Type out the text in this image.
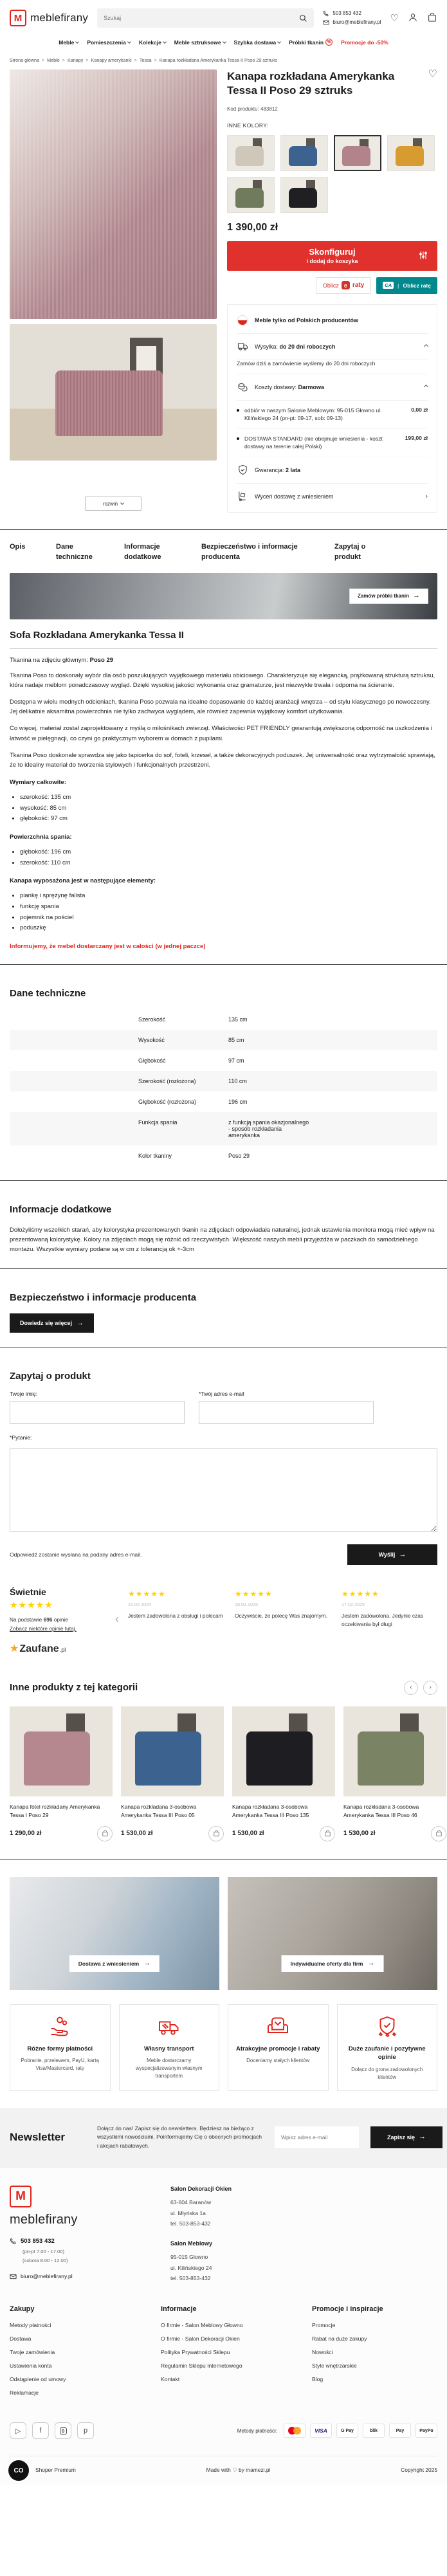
M meblefirany
Szukaj	503 853 432
biuro@meblefirany.pl ♡
Meble Pomieszczenia Kolekcje Meble sztruksowe Szybka dostawa Próbki tkanin % Promocje do -50%
Strona główna > Meble > Kanapy > Kanapy amerykanki > Tessa > Kanapa rozkładana Amerykanka Tessa II Poso 29 sztruks
rozwiń
Kanapa rozkładana Amerykanka Tessa II Poso 29 sztruks
♡
Kod produktu: 483812
INNE KOLORY:
1 390,00 zł
Skonfiguruj
i dodaj do koszyka
Oblicz e raty	CA	| Oblicz ratę
Meble tylko od Polskich producentów
Wysyłka: do 20 dni roboczych
Zamów dziś a zamówienie wyślemy do 20 dni roboczych
Koszty dostawy: Darmowa
odbiór w naszym Salonie Meblowym: 95-015 Głowno ul. Kilińskiego 24 (pn-pt: 09-17, sob: 09-13)
0,00 zł
DOSTAWA STANDARD (nie obejmuje wniesienia - koszt dostawy na terenie całej Polski)
199,00 zł
Gwarancja: 2 lata
Wyceń dostawę z wniesieniem	›
Opis	Dane techniczne
Informacje dodatkowe
Bezpieczeństwo i informacje producenta
Zapytaj o produkt
Zamów próbki tkanin →
Sofa Rozkładana Amerykanka Tessa II
Tkanina na zdjęciu głównym: Poso 29

Tkanina Poso to doskonały wybór dla osób poszukujących wyjątkowego materiału obiciowego. Charakteryzuje się elegancką, prążkowaną strukturą sztruksu, która nadaje meblom ponadczasowy wygląd. Dzięki wysokiej jakości wykonania oraz gramaturze, jest niezwykle trwała i odporna na ścieranie.

Dostępna w wielu modnych odcieniach, tkanina Poso pozwala na idealne dopasowanie do każdej aranżacji wnętrza – od stylu klasycznego po nowoczesny. Jej delikatnie aksamitna powierzchnia nie tylko zachwyca wyglądem, ale również zapewnia wyjątkowy komfort użytkowania.

Co więcej, materiał został zaprojektowany z myślą o miłośnikach zwierząt. Właściwości PET FRIENDLY gwarantują zwiększoną odporność na uszkodzenia i łatwość w pielęgnacji, co czyni go praktycznym wyborem w domach z pupilami.

Tkanina Poso doskonale sprawdza się jako tapicerka do sof, foteli, krzeseł, a także dekoracyjnych poduszek. Jej uniwersalność oraz wytrzymałość sprawiają, że to idealny materiał do tworzenia stylowych i funkcjonalnych przestrzeni.

Wymiary całkowite:
• szerokość: 135 cm
• wysokość: 85 cm
• głębokość: 97 cm
Powierzchnia spania:
• głębokość: 196 cm
• szerokość: 110 cm
Kanapa wyposażona jest w następujące elementy:
• piankę i sprężynę falista
• funkcję spania
• pojemnik na pościel
• poduszkę
Informujemy, że mebel dostarczany jest w całości (w jednej paczce)
Dane techniczne
Szerokość	135 cm
Wysokość	85 cm
Głębokość	97 cm
Szerokość (rozłożona)	110 cm
Głębokość (rozłożona)	196 cm
Funkcja spania	z funkcją spania okazjonalnego
- sposób rozkładania
amerykanka
Kolor tkaniny	Poso 29
Informacje dodatkowe

Dołożyliśmy wszelkich starań, aby kolorystyka prezentowanych tkanin na zdjęciach odpowiadała naturalnej, jednak ustawienia monitora mogą mieć wpływ na prezentowaną kolorystykę. Kolory na zdjęciach mogą się różnić od rzeczywistych. Większość naszych mebli przyjeżdża w paczkach do samodzielnego montażu. Wszystkie wymiary podane są w cm z tolerancją ok +-3cm

Bezpieczeństwo i informacje producenta
Dowiedz się więcej →
Zapytaj o produkt
Twoje imię:	*Twój adres e-mail
*Pytanie:
Odpowiedź zostanie wysłana na podany adres e-mail.	Wyślij →
Świetnie
★★★★★
Na podstawie 696 opinie
Zobacz niektóre opinie tutaj.
★ Zaufane .pl
‹
★★★★★
20.02.2025
Jestem zadowolona z obsługi i polecam
★★★★★
18.02.2025
Oczywiście, że polecę Was znajomym.
★★★★★
17.02.2025
Jestem zadowolona. Jedynie czas oczekiwania był długi
Inne produkty z tej kategorii	‹	›
Kanapa fotel rozkładany Amerykanka Tessa I Poso 29
1 290,00 zł
Kanapa rozkładana 3-osobowa Amerykanka Tessa III Poso 05
1 530,00 zł
Kanapa rozkładana 3-osobowa Amerykanka Tessa III Poso 135
1 530,00 zł
Kanapa rozkładana 3-osobowa Amerykanka Tessa III Poso 46
1 530,00 zł
Dostawa z wniesieniem →	Indywidualne oferty dla firm →
Różne formy płatności
Pobranie, przelewem, PayU, kartą Visa/Mastercard, raty
Własny transport
Meble dostarczamy wyspecjalizowanym własnym transportem
Atrakcyjne promocje i rabaty
Doceniamy stałych klientów
Duże zaufanie i pozytywne opinie
Dołącz do grona zadowolonych klientów
Newsletter
Dołącz do nas! Zapisz się do newslettera. Będziesz na bieżąco z wszystkimi nowościami. Poinformujemy Cię o obecnych promocjach i akcjach rabatowych.
Wpisz adres e-mail
Zapisz się →
M
meblefirany
503 853 432
(pn-pt 7.00 - 17.00)
(sobota 8.00 - 12.00)
biuro@meblefirany.pl
Salon Dekoracji Okien
63-604 Baranów
ul. Młyńska 1a
tel. 503-853-432
Salon Meblowy
95-015 Głowno
ul. Kilińskiego 24
tel. 503-853-432
Zakupy
Metody płatności
Dostawa
Twoje zamówienia
Ustawienia konta
Odstąpienie od umowy
Reklamacje
Informacje
O firmie - Salon Meblowy Głowno
O firmie - Salon Dekoracji Okien
Polityka Prywatności Sklepu
Regulamin Sklepu Internetowego
Kontakt
Promocje i inspiracje
Promocje
Rabat na duże zakupy
Nowości
Style wnętrzarskie
Blog
▷	f	p	Metody płatności:	VISA	G Pay	blik	Pay	PayPo
CO	Shoper Premium	Made with ♡ by mamezi.pl	Copyright 2025
